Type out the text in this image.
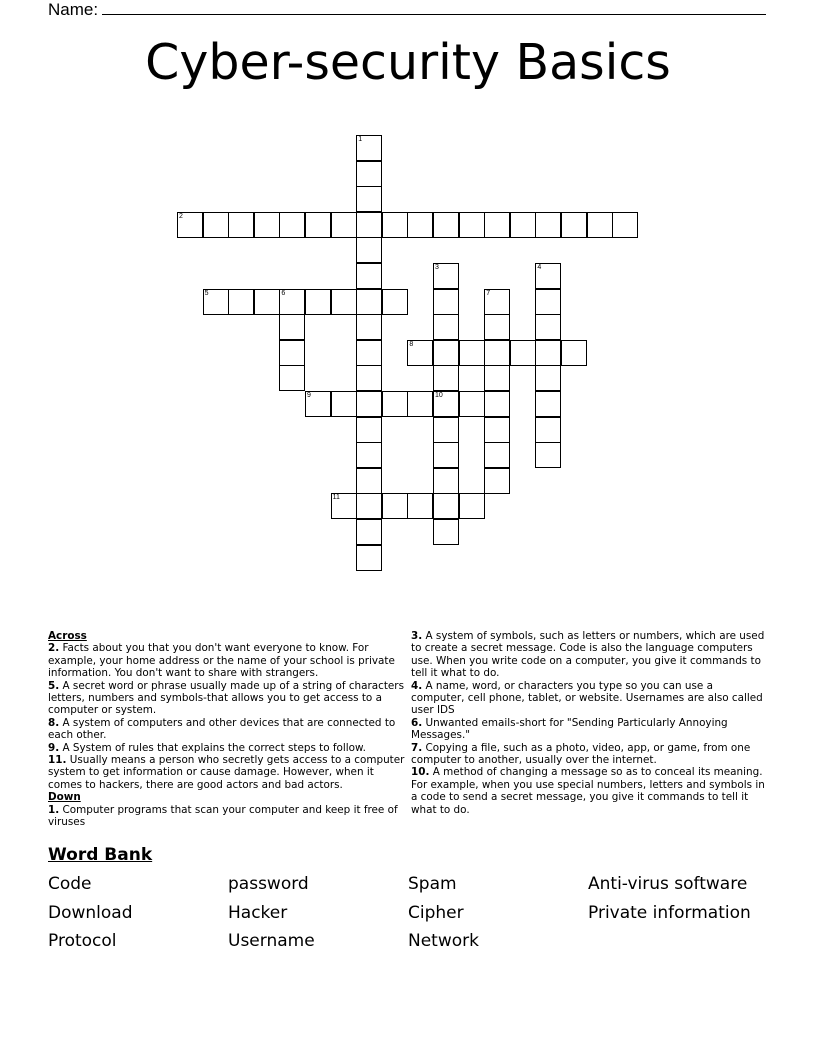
Name:
Cyber-security Basics
1
2
3
10
4
5	6	7
8
9
11
Across
2. Facts about you that you don't want everyone to know. For example, your home address or the name of your school is private information. You don't want to share with strangers.
5. A secret word or phrase usually made up of a string of characters letters, numbers and symbols-that allows you to get access to a computer or system.
8. A system of computers and other devices that are connected to each other.
9. A System of rules that explains the correct steps to follow.
11. Usually means a person who secretly gets access to a computer system to get information or cause damage. However, when it comes to hackers, there are good actors and bad actors.
Down
1. Computer programs that scan your computer and keep it free of viruses
3. A system of symbols, such as letters or numbers, which are used to create a secret message. Code is also the language computers use. When you write code on a computer, you give it commands to tell it what to do.
4. A name, word, or characters you type so you can use a computer, cell phone, tablet, or website. Usernames are also called user IDS
6. Unwanted emails-short for "Sending Particularly Annoying Messages."
7. Copying a file, such as a photo, video, app, or game, from one computer to another, usually over the internet.
10. A method of changing a message so as to conceal its meaning. For example, when you use special numbers, letters and symbols in a code to send a secret message, you give it commands to tell it what to do.
Word Bank
Code	password	Spam	Anti-virus software
Download	Hacker	Cipher	Private information
Protocol	Username	Network
